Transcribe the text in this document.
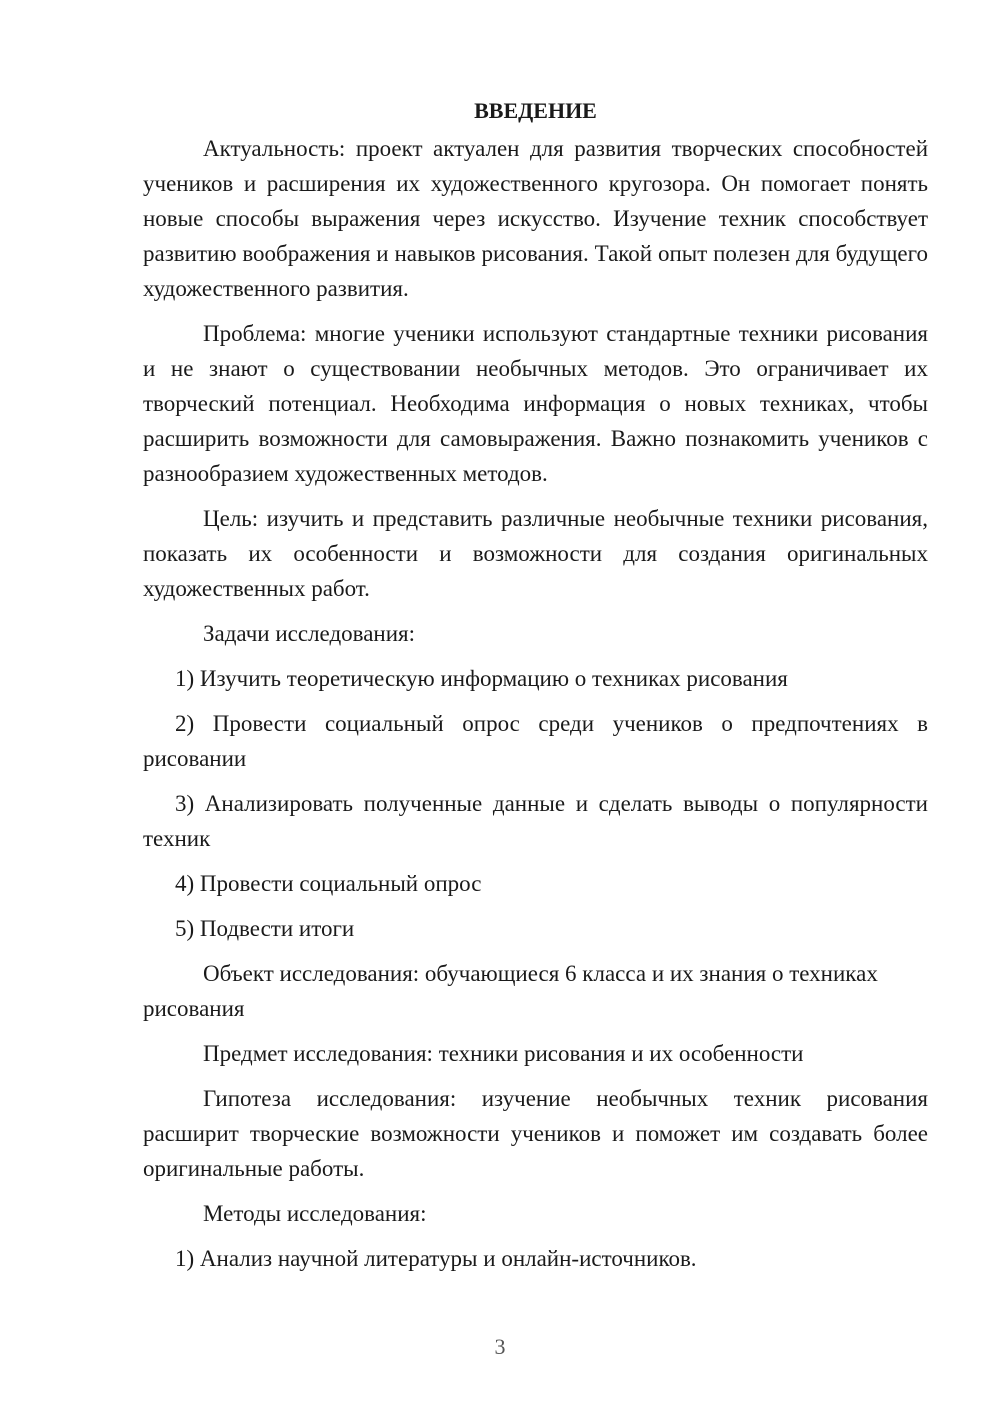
ВВЕДЕНИЕ

Актуальность: проект актуален для развития творческих способностей учеников и расширения их художественного кругозора. Он помогает понять новые способы выражения через искусство. Изучение техник способствует развитию воображения и навыков рисования. Такой опыт полезен для будущего художественного развития.

Проблема: многие ученики используют стандартные техники рисования и не знают о существовании необычных методов. Это ограничивает их творческий потенциал. Необходима информация о новых техниках, чтобы расширить возможности для самовыражения. Важно познакомить учеников с разнообразием художественных методов.

Цель: изучить и представить различные необычные техники рисования, показать их особенности и возможности для создания оригинальных художественных работ.

Задачи исследования:

1) Изучить теоретическую информацию о техниках рисования

2) Провести социальный опрос среди учеников о предпочтениях в рисовании

3) Анализировать полученные данные и сделать выводы о популярности техник

4) Провести социальный опрос

5) Подвести итоги

Объект исследования: обучающиеся 6 класса и их знания о техниках рисования

Предмет исследования: техники рисования и их особенности

Гипотеза исследования: изучение необычных техник рисования расширит творческие возможности учеников и поможет им создавать более оригинальные работы.

Методы исследования:

1) Анализ научной литературы и онлайн-источников.

3
